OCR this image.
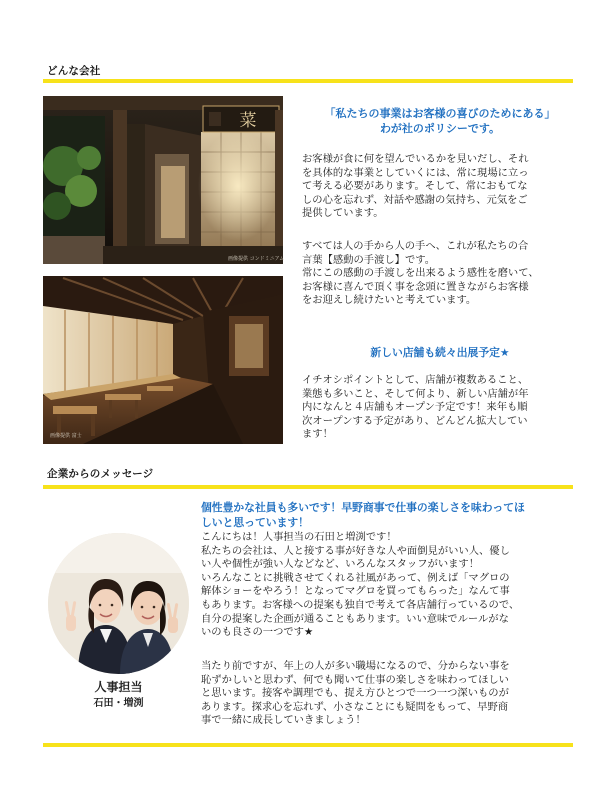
どんな会社
菜
画像提供 コンドミニアム
画像提供 富士
「私たちの事業はお客様の喜びのためにある」
わが社のポリシーです。
お客様が食に何を望んでいるかを見いだし、それ
を具体的な事業としていくには、常に現場に立っ
て考える必要があります。そして、常におもてな
しの心を忘れず、対話や感謝の気持ち、元気をご
提供しています。
すべては人の手から人の手へ、これが私たちの合
言葉【感動の手渡し】です。
常にこの感動の手渡しを出来るよう感性を磨いて、
お客様に喜んで頂く事を念頭に置きながらお客様
をお迎えし続けたいと考えています。
新しい店舗も続々出展予定★
イチオシポイントとして、店舗が複数あること、
業態も多いこと、そして何より、新しい店舗が年
内になんと４店舗もオープン予定です！来年も順
次オープンする予定があり、どんどん拡大してい
ます！
企業からのメッセージ
個性豊かな社員も多いです！早野商事で仕事の楽しさを味わってほ
しいと思っています！
こんにちは！人事担当の石田と増渕です！
私たちの会社は、人と接する事が好きな人や面倒見がいい人、優し
い人や個性が強い人などなど、いろんなスタッフがいます！
いろんなことに挑戦させてくれる社風があって、例えば「マグロの
解体ショーをやろう！となってマグロを買ってもらった」なんて事
もあります。お客様への提案も独自で考えて各店舗行っているので、
自分の提案した企画が通ることもあります。いい意味でルールがな
いのも良さの一つです★
当たり前ですが、年上の人が多い職場になるので、分からない事を
恥ずかしいと思わず、何でも聞いて仕事の楽しさを味わってほしい
と思います。接客や調理でも、捉え方ひとつで一つ一つ深いものが
あります。探求心を忘れず、小さなことにも疑問をもって、早野商
事で一緒に成長していきましょう！
人事担当
石田・増渕
